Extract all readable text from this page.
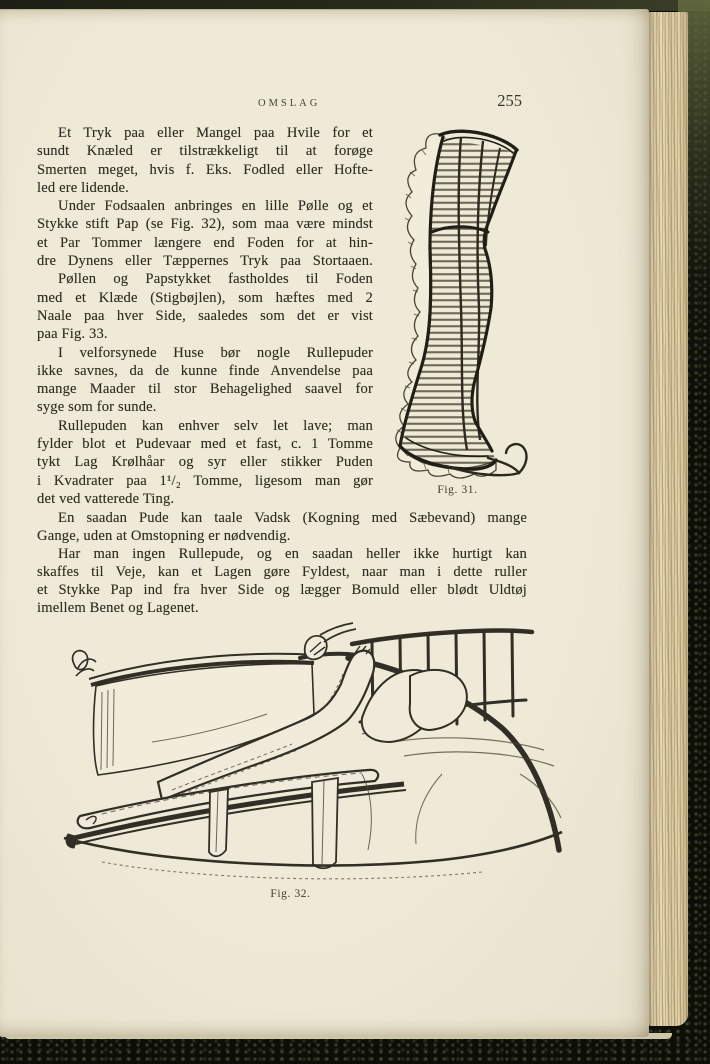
OMSLAG	255
Et Tryk paa eller Mangel paa Hvile for et
sundt Knæled er tilstrækkeligt til at forøge
Smerten meget, hvis f. Eks. Fodled eller Hofte-
led ere lidende.
Under Fodsaalen anbringes en lille Pølle og et
Stykke stift Pap (se Fig. 32), som maa være mindst
et Par Tommer længere end Foden for at hin-
dre Dynens eller Tæppernes Tryk paa Stortaaen.
Pøllen og Papstykket fastholdes til Foden
med et Klæde (Stigbøjlen), som hæftes med 2
Naale paa hver Side, saaledes som det er vist
paa Fig. 33.
I velforsynede Huse bør nogle Rullepuder
ikke savnes, da de kunne finde Anvendelse paa
mange Maader til stor Behagelighed saavel for
syge som for sunde.
Rullepuden kan enhver selv let lave; man
fylder blot et Pudevaar med et fast, c. 1 Tomme
tykt Lag Krølhåar og syr eller stikker Puden
i Kvadrater paa 1¹/₂ Tomme, ligesom man gør
det ved vatterede Ting.
En saadan Pude kan taale Vadsk (Kogning med Sæbevand) mange
Gange, uden at Omstopning er nødvendig.
Har man ingen Rullepude, og en saadan heller ikke hurtigt kan
skaffes til Veje, kan et Lagen gøre Fyldest, naar man i dette ruller
et Stykke Pap ind fra hver Side og lægger Bomuld eller blødt Uldtøj
imellem Benet og Lagenet.
Fig. 31.
Fig. 32.
